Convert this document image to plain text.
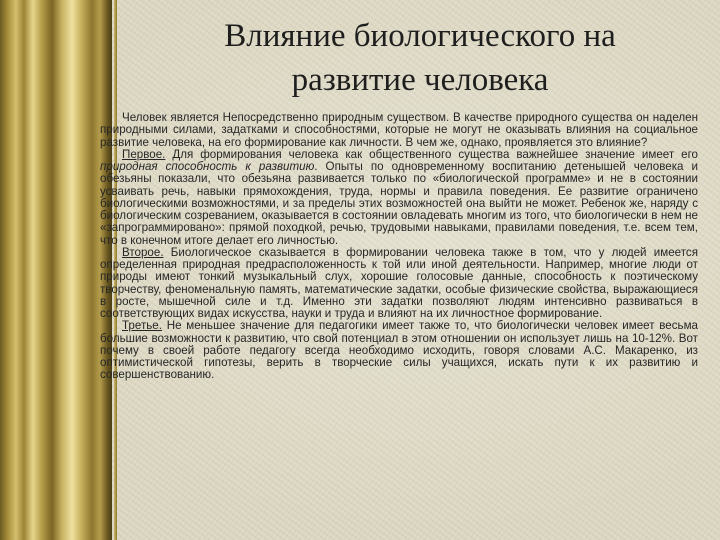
Влияние биологического на
развитие человека

Человек является Непосредственно природным существом. В качестве природного существа он наделен природными силами, задатками и способностями, которые не могут не оказывать влияния на социальное развитие человека, на его формирование как личности. В чем же, однако, проявляется это влияние?

Первое. Для формирования человека как общественного существа важнейшее значение имеет его природная способность к развитию. Опыты по одновременному воспитанию детенышей человека и обезьяны показали, что обезьяна развивается только по «биологической программе» и не в состоянии усваивать речь, навыки прямохождения, труда, нормы и правила поведения. Ее развитие ограничено биологическими возможностями, и за пределы этих возможностей она выйти не может. Ребенок же, наряду с биологическим созреванием, оказывается в состоянии овладевать многим из того, что биологически в нем не «запрограммировано»: прямой походкой, речью, трудовыми навыками, правилами поведения, т.е. всем тем, что в конечном итоге делает его личностью.

Второе. Биологическое сказывается в формировании человека также в том, что у людей имеется определенная природная предрасположенность к той или иной деятельности. Например, многие люди от природы имеют тонкий музыкальный слух, хорошие голосовые данные, способность к поэтическому творчеству, феноменальную память, математические задатки, особые физические свойства, выражающиеся в росте, мышечной силе и т.д. Именно эти задатки позволяют людям интенсивно развиваться в соответствующих видах искусства, науки и труда и влияют на их личностное формирование.

Третье. Не меньшее значение для педагогики имеет также то, что биологически человек имеет весьма большие возможности к развитию, что свой потенциал в этом отношении он использует лишь на 10-12%. Вот почему в своей работе педагогу всегда необходимо исходить, говоря словами А.С. Макаренко, из оптимистической гипотезы, верить в творческие силы учащихся, искать пути к их развитию и совершенствованию.
